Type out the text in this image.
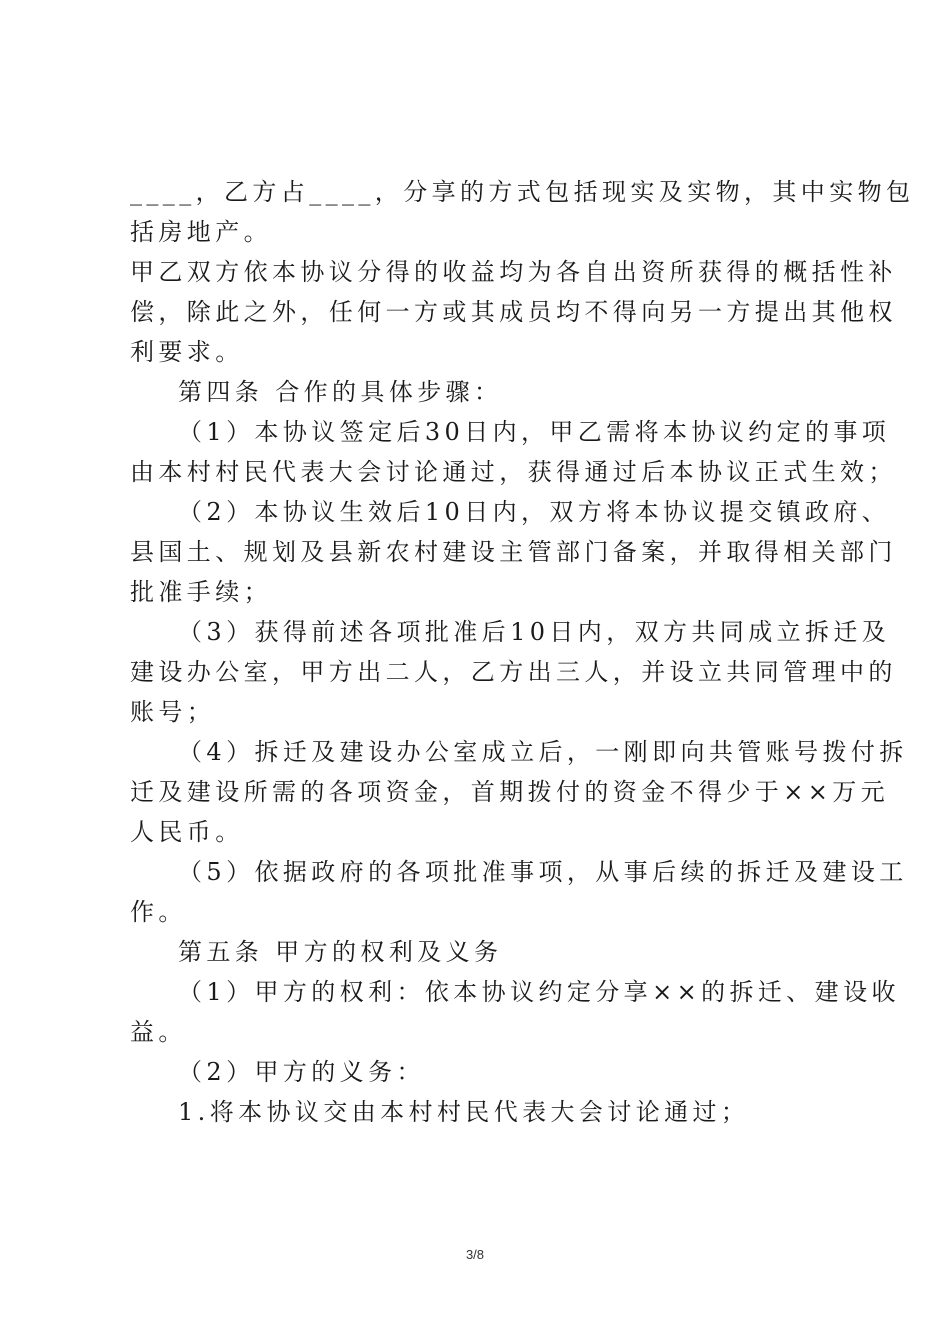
____，乙方占____，分享的方式包括现实及实物，其中实物包
括房地产。
甲乙双方依本协议分得的收益均为各自出资所获得的概括性补
偿，除此之外，任何一方或其成员均不得向另一方提出其他权
利要求。
第四条 合作的具体步骤：
（1）本协议签定后30日内，甲乙需将本协议约定的事项
由本村村民代表大会讨论通过，获得通过后本协议正式生效；
（2）本协议生效后10日内，双方将本协议提交镇政府、
县国土、规划及县新农村建设主管部门备案，并取得相关部门
批准手续；
（3）获得前述各项批准后10日内，双方共同成立拆迁及
建设办公室，甲方出二人，乙方出三人，并设立共同管理中的
账号；
（4）拆迁及建设办公室成立后，一刚即向共管账号拨付拆
迁及建设所需的各项资金，首期拨付的资金不得少于××万元
人民币。
（5）依据政府的各项批准事项，从事后续的拆迁及建设工
作。
第五条 甲方的权利及义务
（1）甲方的权利：依本协议约定分享××的拆迁、建设收
益。
（2）甲方的义务：
1.将本协议交由本村村民代表大会讨论通过；
3/8
